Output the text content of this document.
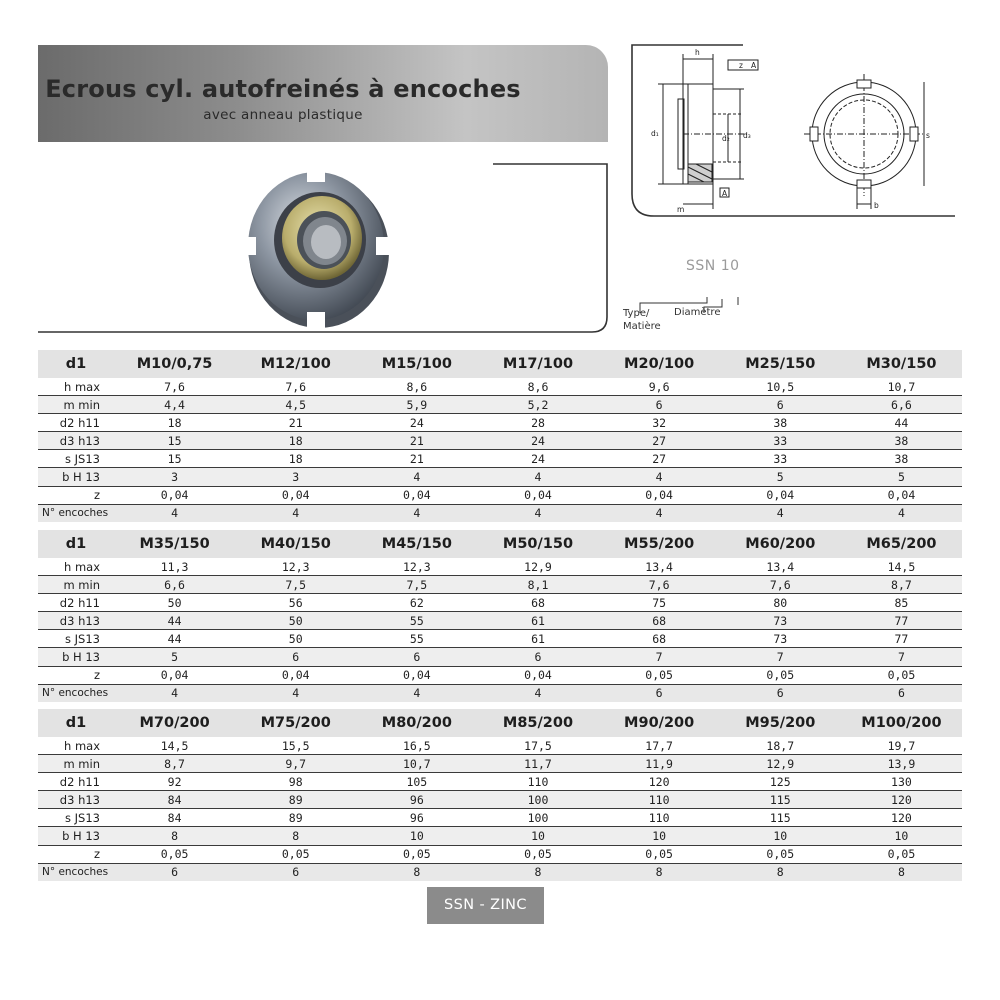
Ecrous cyl. autofreinés à encoches
avec anneau plastique
h
z A
A
d₁
d₂ d₃
m
s
b
SSN 10
Type/
Matière
Diamètre
d1	M10/0,75	M12/100	M15/100	M17/100	M20/100	M25/150	M30/150
h max	7,6	7,6	8,6	8,6	9,6	10,5	10,7
m min	4,4	4,5	5,9	5,2	6	6	6,6
d2 h11	18	21	24	28	32	38	44
d3 h13	15	18	21	24	27	33	38
s JS13	15	18	21	24	27	33	38
b H 13	3	3	4	4	4	5	5
z	0,04	0,04	0,04	0,04	0,04	0,04	0,04
N° encoches	4	4	4	4	4	4	4
d1	M35/150	M40/150	M45/150	M50/150	M55/200	M60/200	M65/200
h max	11,3	12,3	12,3	12,9	13,4	13,4	14,5
m min	6,6	7,5	7,5	8,1	7,6	7,6	8,7
d2 h11	50	56	62	68	75	80	85
d3 h13	44	50	55	61	68	73	77
s JS13	44	50	55	61	68	73	77
b H 13	5	6	6	6	7	7	7
z	0,04	0,04	0,04	0,04	0,05	0,05	0,05
N° encoches	4	4	4	4	6	6	6
d1	M70/200	M75/200	M80/200	M85/200	M90/200	M95/200	M100/200
h max	14,5	15,5	16,5	17,5	17,7	18,7	19,7
m min	8,7	9,7	10,7	11,7	11,9	12,9	13,9
d2 h11	92	98	105	110	120	125	130
d3 h13	84	89	96	100	110	115	120
s JS13	84	89	96	100	110	115	120
b H 13	8	8	10	10	10	10	10
z	0,05	0,05	0,05	0,05	0,05	0,05	0,05
N° encoches	6	6	8	8	8	8	8
SSN - ZINC
